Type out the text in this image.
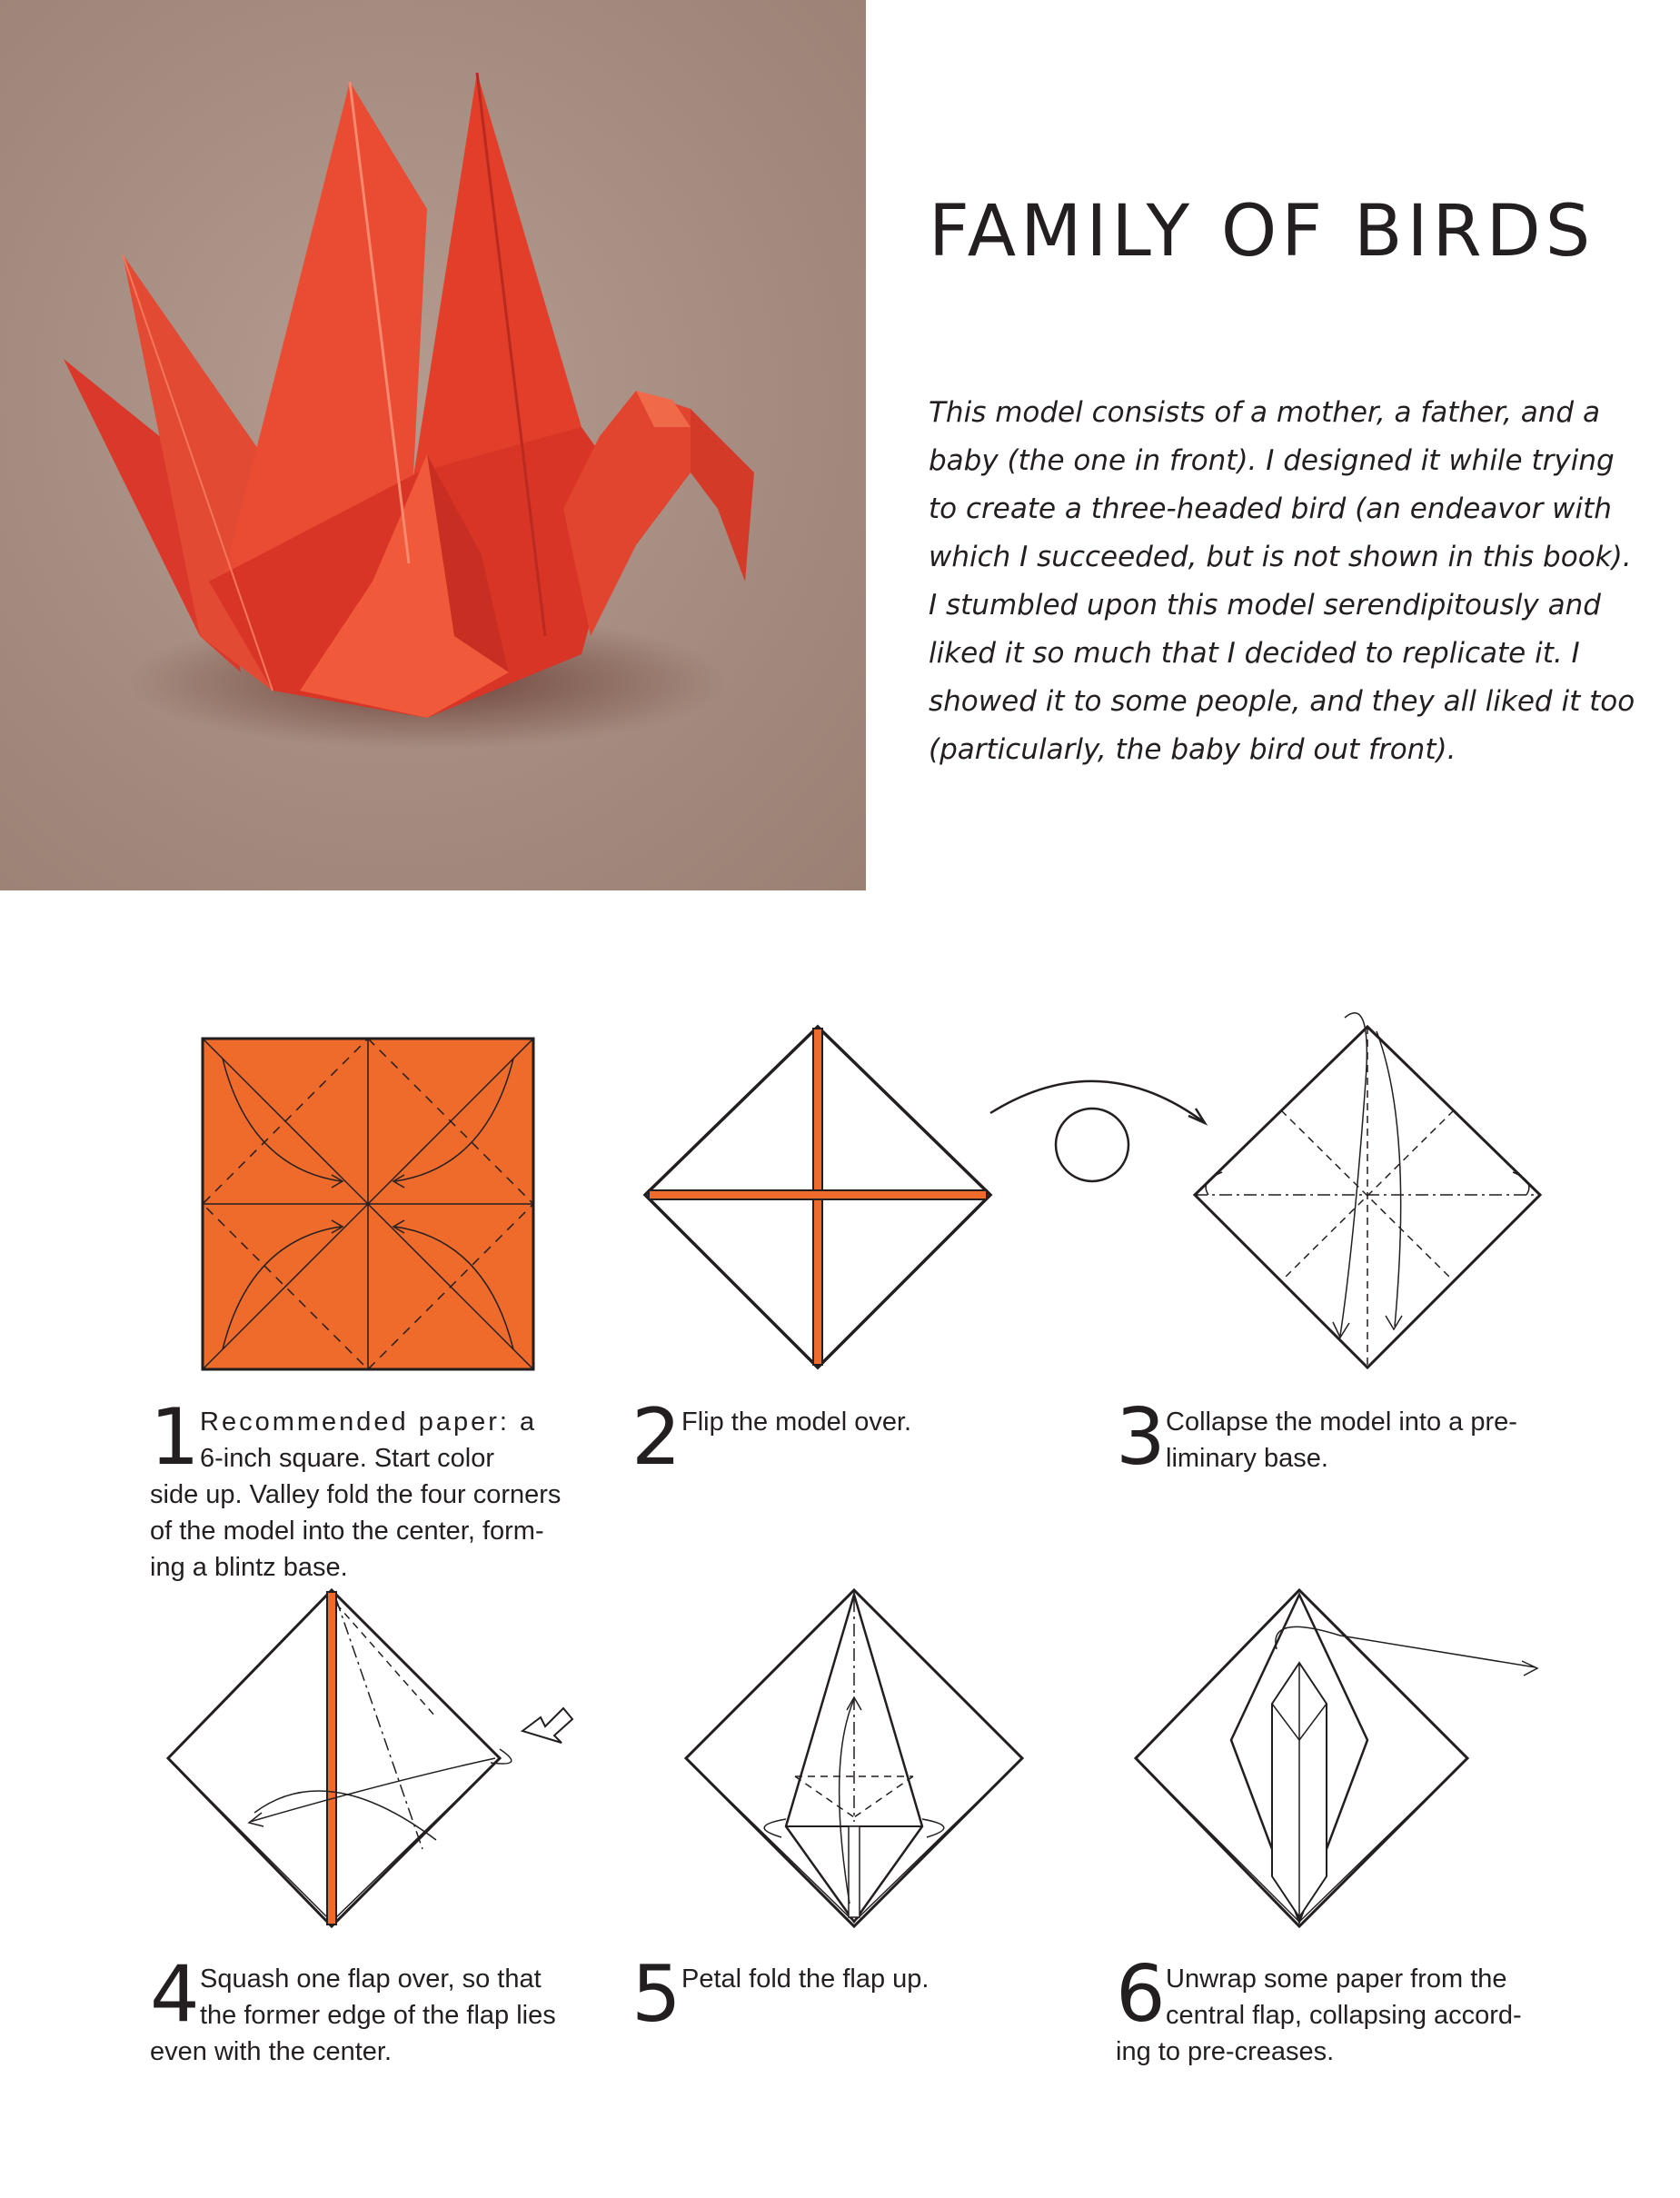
FAMILY OF BIRDS
This model consists of a mother, a father, and a
baby (the one in front). I designed it while trying
to create a three-headed bird (an endeavor with
which I succeeded, but is not shown in this book).
I stumbled upon this model serendipitously and
liked it so much that I decided to replicate it. I
showed it to some people, and they all liked it too
(particularly, the baby bird out front).
1 Recommended paper: a
6-inch square. Start color
side up. Valley fold the four corners
of the model into the center, form-
ing a blintz base.
2 Flip the model over.	3 Collapse the model into a pre-
liminary base.
4 Squash one flap over, so that
the former edge of the flap lies
even with the center.
5 Petal fold the flap up. 6 Unwrap some paper from the
central flap, collapsing accord-
ing to pre-creases.
